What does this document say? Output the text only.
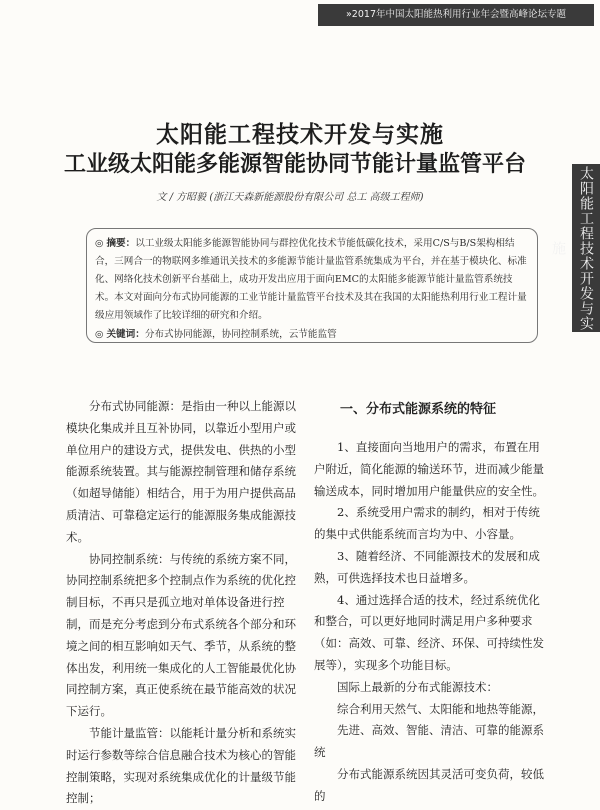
»2017年中国太阳能热利用行业年会暨高峰论坛专题
太阳能工程技术开发与实施
太阳能工程技术开发与实施
工业级太阳能多能源智能协同节能计量监管平台
文 / 方昭毅 (浙江天森新能源股份有限公司 总工 高级工程师)

◎ 摘要：以工业级太阳能多能源智能协同与群控优化技术节能低碳化技术，采用C/S与B/S架构相结合，三网合一的物联网多维通讯关技术的多能源节能计量监管系统集成为平台，并在基于模块化、标准化、网络化技术创新平台基础上，成功开发出应用于面向EMC的太阳能多能源节能计量监管系统技术。本文对面向分布式协同能源的工业节能计量监管平台技术及其在我国的太阳能热利用行业工程计量级应用领域作了比较详细的研究和介绍。

◎ 关键词：分布式协同能源，协同控制系统，云节能监管

分布式协同能源：是指由一种以上能源以模块化集成并且互补协同，以靠近小型用户或单位用户的建设方式，提供发电、供热的小型能源系统装置。其与能源控制管理和储存系统（如超导储能）相结合，用于为用户提供高品质清洁、可靠稳定运行的能源服务集成能源技术。

协同控制系统：与传统的系统方案不同，协同控制系统把多个控制点作为系统的优化控制目标，不再只是孤立地对单体设备进行控制，而是充分考虑到分布式系统各个部分和环境之间的相互影响如天气、季节，从系统的整体出发，利用统一集成化的人工智能最优化协同控制方案，真正使系统在最节能高效的状况下运行。

节能计量监管：以能耗计量分析和系统实时运行参数等综合信息融合技术为核心的智能控制策略，实现对系统集成优化的计量级节能控制；

一、分布式能源系统的特征

1、直接面向当地用户的需求，布置在用户附近，简化能源的输送环节，进而减少能量输送成本，同时增加用户能量供应的安全性。

2、系统受用户需求的制约，相对于传统的集中式供能系统而言均为中、小容量。

3、随着经济、不同能源技术的发展和成熟，可供选择技术也日益增多。

4、通过选择合适的技术，经过系统优化和整合，可以更好地同时满足用户多种要求（如：高效、可靠、经济、环保、可持续性发展等），实现多个功能目标。

国际上最新的分布式能源技术：

综合利用天然气、太阳能和地热等能源，

先进、高效、智能、清洁、可靠的能源系统

分布式能源系统因其灵活可变负荷，较低的
